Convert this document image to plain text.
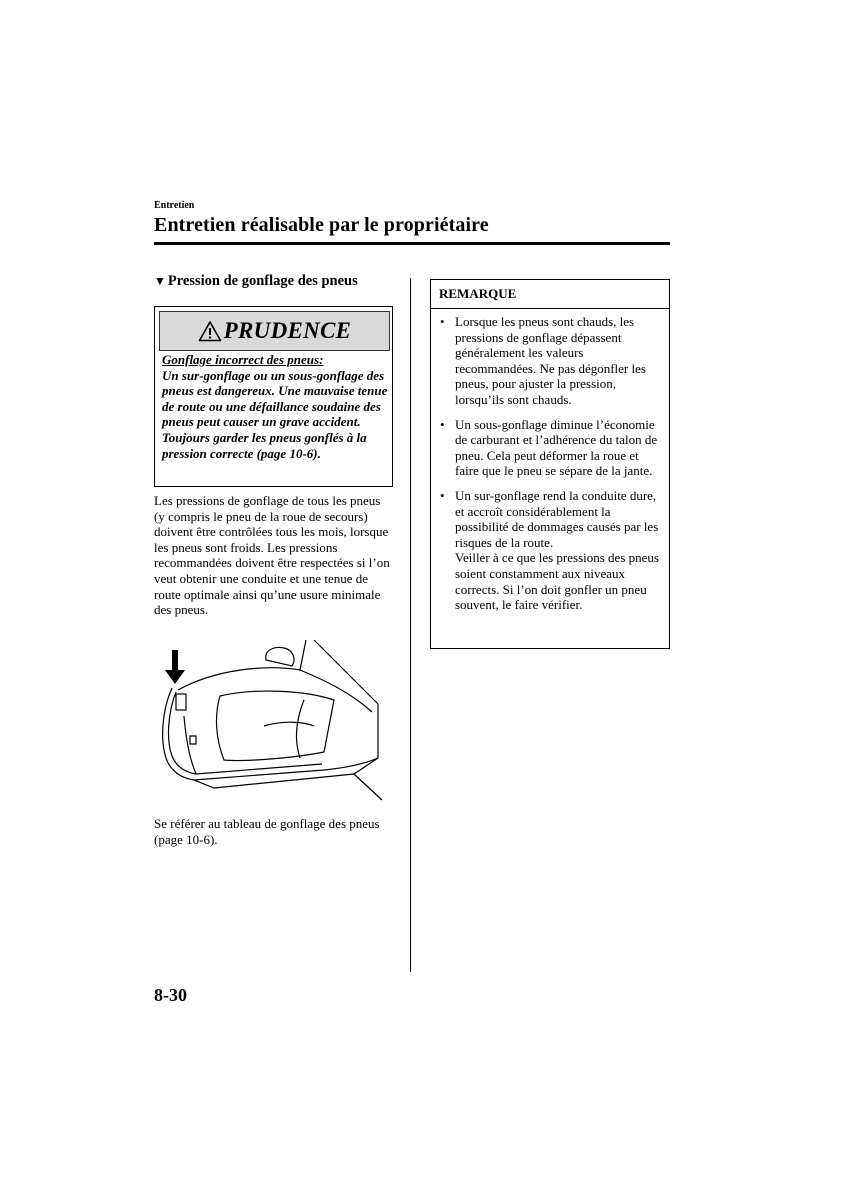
Entretien
Entretien réalisable par le propriétaire
▼ Pression de gonflage des pneus
PRUDENCE
Gonflage incorrect des pneus:
Un sur-gonflage ou un sous-gonflage des pneus est dangereux. Une mauvaise tenue de route ou une défaillance soudaine des pneus peut causer un grave accident. Toujours garder les pneus gonflés à la pression correcte (page 10-6).
Les pressions de gonflage de tous les pneus (y compris le pneu de la roue de secours) doivent être contrôlées tous les mois, lorsque les pneus sont froids. Les pressions recommandées doivent être respectées si l’on veut obtenir une conduite et une tenue de route optimale ainsi qu’une usure minimale des pneus.
Se référer au tableau de gonflage des pneus (page 10-6).
REMARQUE
• Lorsque les pneus sont chauds, les pressions de gonflage dépassent généralement les valeurs recommandées. Ne pas dégonfler les pneus, pour ajuster la pression, lorsqu’ils sont chauds.
• Un sous-gonflage diminue l’économie de carburant et l’adhérence du talon de pneu. Cela peut déformer la roue et faire que le pneu se sépare de la jante.
• Un sur-gonflage rend la conduite dure, et accroît considérablement la possibilité de dommages causés par les risques de la route.
Veiller à ce que les pressions des pneus soient constamment aux niveaux corrects. Si l’on doit gonfler un pneu souvent, le faire vérifier.
8-30
